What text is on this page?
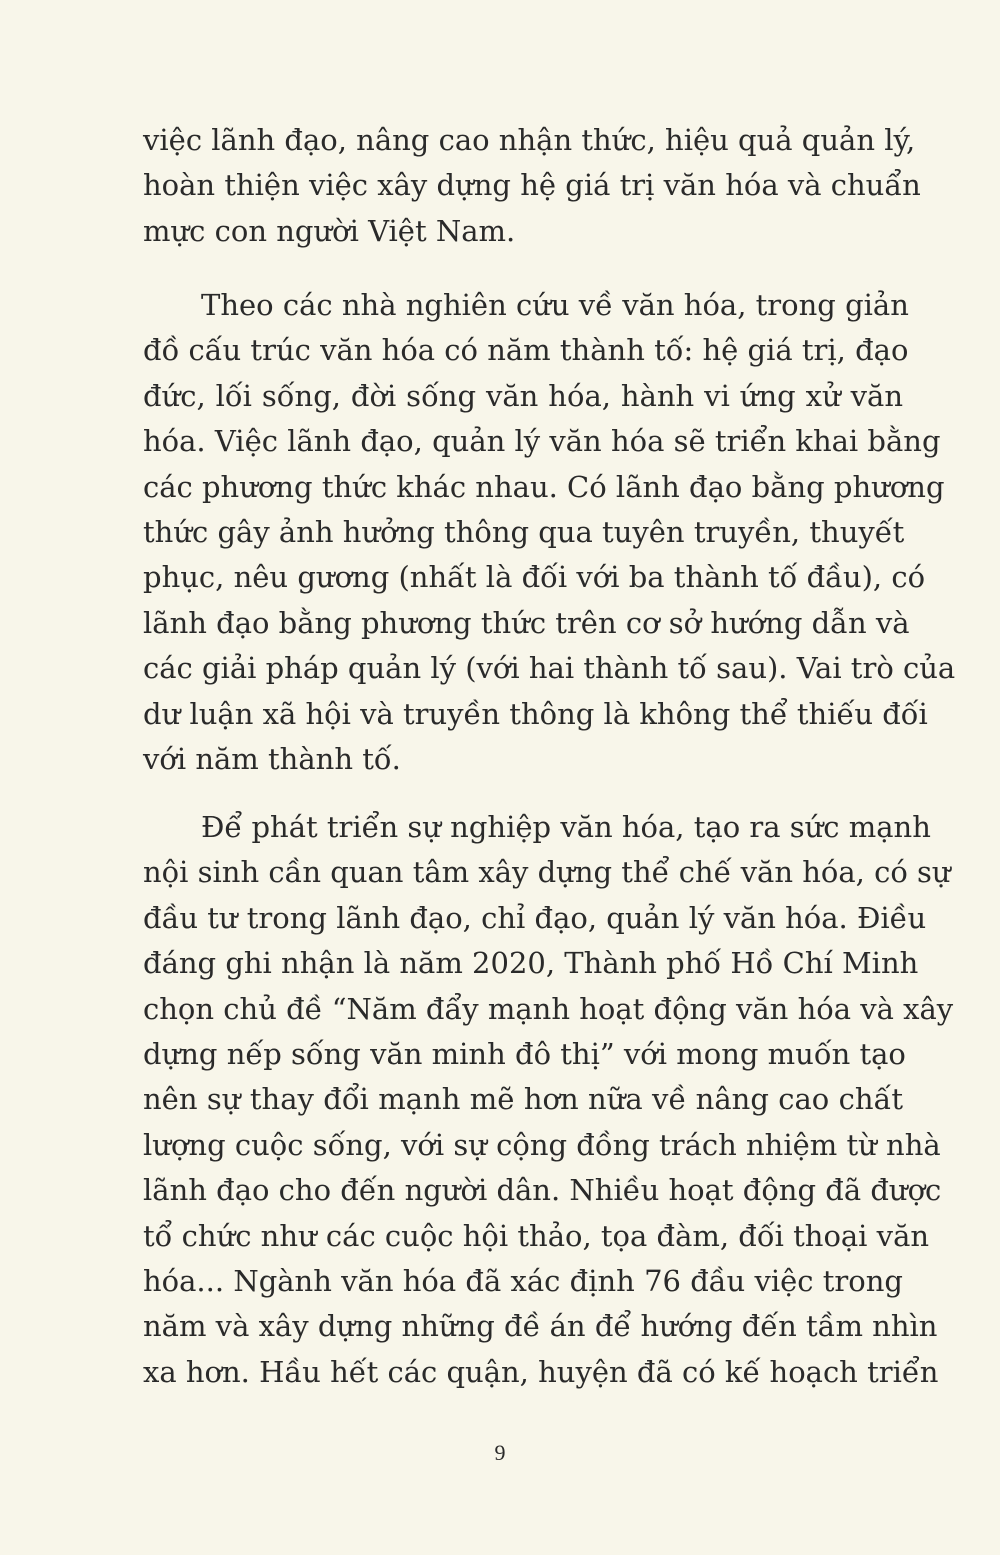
việc lãnh đạo, nâng cao nhận thức, hiệu quả quản lý,
hoàn thiện việc xây dựng hệ giá trị văn hóa và chuẩn
mực con người Việt Nam.
Theo các nhà nghiên cứu về văn hóa, trong giản
đồ cấu trúc văn hóa có năm thành tố: hệ giá trị, đạo
đức, lối sống, đời sống văn hóa, hành vi ứng xử văn
hóa. Việc lãnh đạo, quản lý văn hóa sẽ triển khai bằng
các phương thức khác nhau. Có lãnh đạo bằng phương
thức gây ảnh hưởng thông qua tuyên truyền, thuyết
phục, nêu gương (nhất là đối với ba thành tố đầu), có
lãnh đạo bằng phương thức trên cơ sở hướng dẫn và
các giải pháp quản lý (với hai thành tố sau). Vai trò của
dư luận xã hội và truyền thông là không thể thiếu đối
với năm thành tố.
Để phát triển sự nghiệp văn hóa, tạo ra sức mạnh
nội sinh cần quan tâm xây dựng thể chế văn hóa, có sự
đầu tư trong lãnh đạo, chỉ đạo, quản lý văn hóa. Điều
đáng ghi nhận là năm 2020, Thành phố Hồ Chí Minh
chọn chủ đề “Năm đẩy mạnh hoạt động văn hóa và xây
dựng nếp sống văn minh đô thị” với mong muốn tạo
nên sự thay đổi mạnh mẽ hơn nữa về nâng cao chất
lượng cuộc sống, với sự cộng đồng trách nhiệm từ nhà
lãnh đạo cho đến người dân. Nhiều hoạt động đã được
tổ chức như các cuộc hội thảo, tọa đàm, đối thoại văn
hóa... Ngành văn hóa đã xác định 76 đầu việc trong
năm và xây dựng những đề án để hướng đến tầm nhìn
xa hơn. Hầu hết các quận, huyện đã có kế hoạch triển
9
